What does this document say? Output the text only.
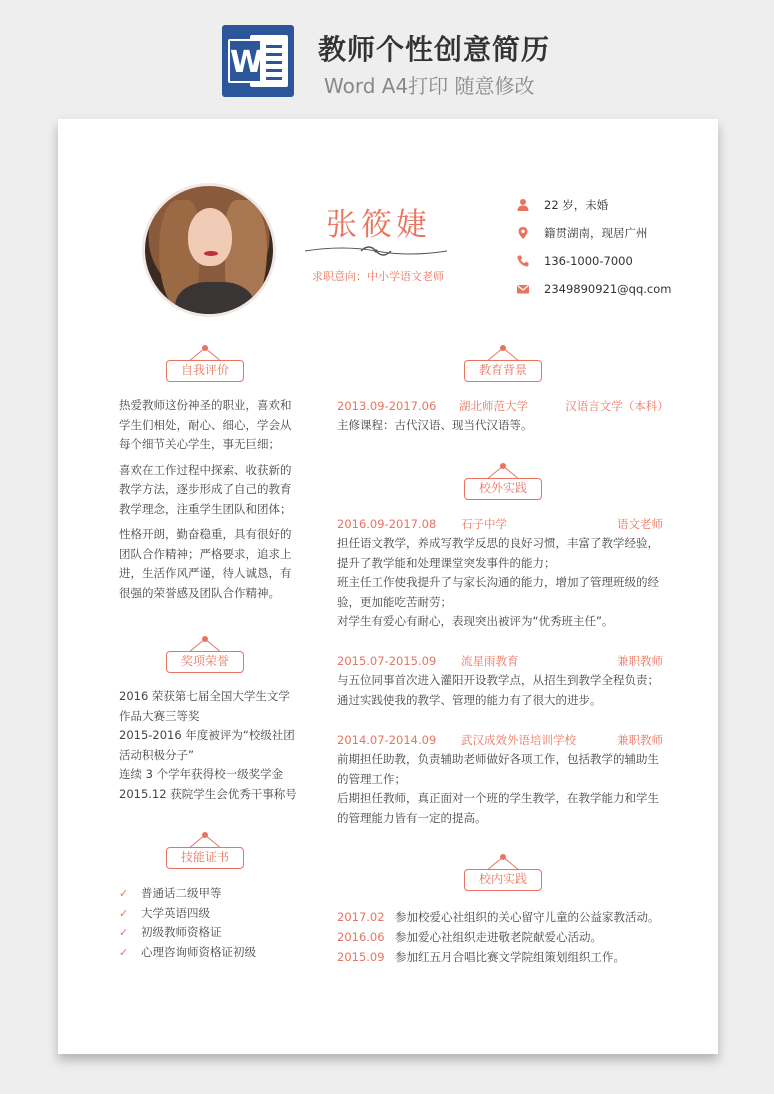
W 教师个性创意简历
Word A4打印 随意修改
张筱婕
求职意向：中小学语文老师
22 岁，未婚
籍贯湖南，现居广州
136-1000-7000
2349890921@qq.com
自我评价
热爱教师这份神圣的职业，喜欢和学生们相处，耐心、细心，学会从每个细节关心学生，事无巨细；
喜欢在工作过程中探索、收获新的教学方法，逐步形成了自己的教育教学理念，注重学生团队和团体；
性格开朗，勤奋稳重，具有很好的团队合作精神；严格要求，追求上进，生活作风严谨，待人诚恳，有很强的荣誉感及团队合作精神。
奖项荣誉
2016 荣获第七届全国大学生文学作品大赛三等奖
2015-2016 年度被评为“校级社团活动积极分子”
连续 3 个学年获得校一级奖学金
2015.12 获院学生会优秀干事称号
技能证书
✓	普通话二级甲等
✓	大学英语四级
✓	初级教师资格证
✓	心理咨询师资格证初级
教育背景
2013.09-2017.06	湖北师范大学	汉语言文学（本科）
主修课程：古代汉语、现当代汉语等。
校外实践
2016.09-2017.08	石子中学	语文老师
担任语文教学，养成写教学反思的良好习惯，丰富了教学经验，提升了教学能和处理课堂突发事件的能力；
班主任工作使我提升了与家长沟通的能力，增加了管理班级的经验，更加能吃苦耐劳；
对学生有爱心有耐心，表现突出被评为“优秀班主任”。
2015.07-2015.09	流星雨教育	兼职教师
与五位同事首次进入灌阳开设教学点，从招生到教学全程负责；通过实践使我的教学、管理的能力有了很大的进步。
2014.07-2014.09	武汉成效外语培训学校	兼职教师
前期担任助教，负责辅助老师做好各项工作，包括教学的辅助生的管理工作；
后期担任教师，真正面对一个班的学生教学，在教学能力和学生的管理能力皆有一定的提高。
校内实践
2017.02 参加校爱心社组织的关心留守儿童的公益家教活动。
2016.06 参加爱心社组织走进敬老院献爱心活动。
2015.09 参加红五月合唱比赛文学院组策划组织工作。
